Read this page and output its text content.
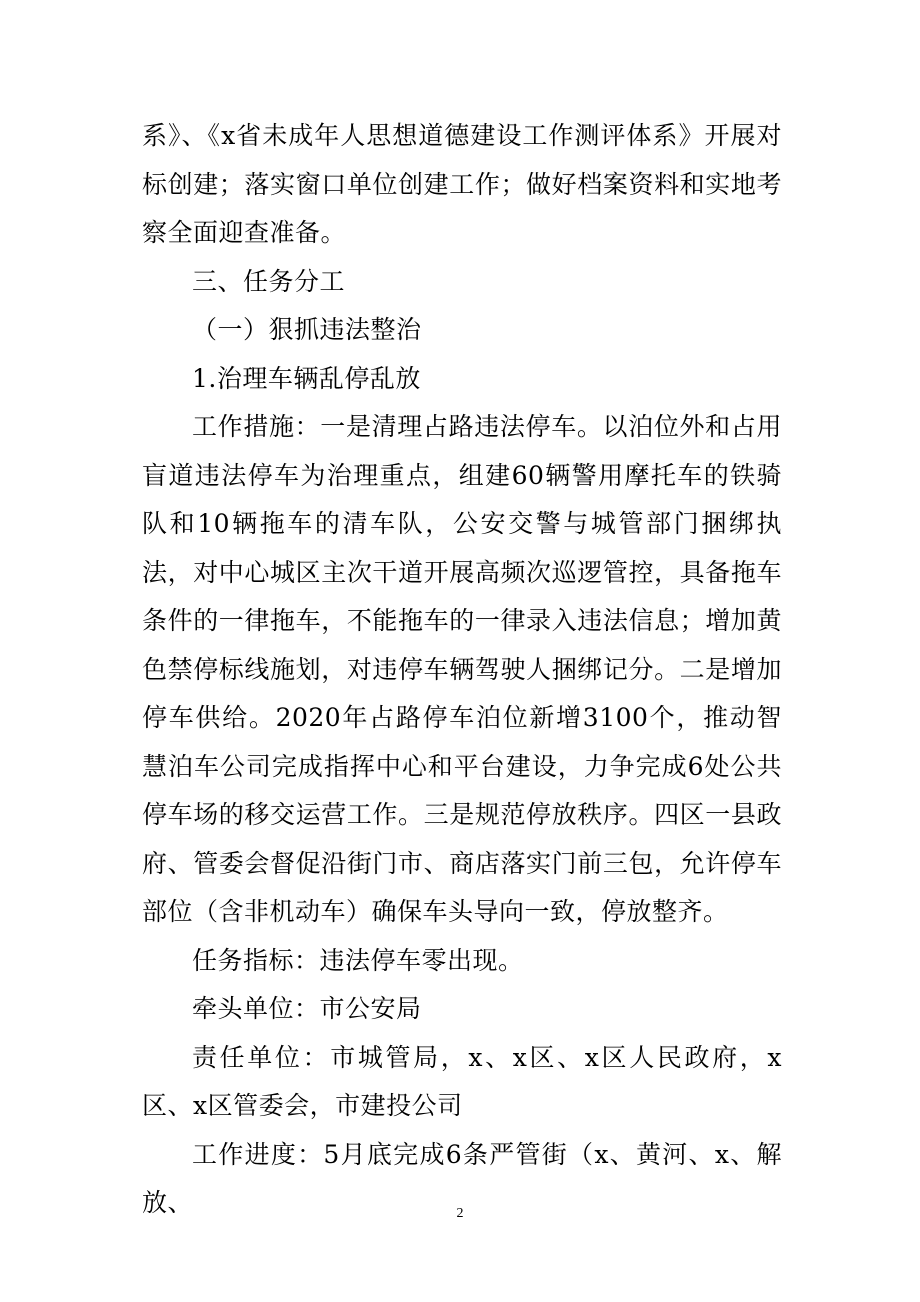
系》、《x省未成年人思想道德建设工作测评体系》开展对标创建；落实窗口单位创建工作；做好档案资料和实地考察全面迎查准备。

三、任务分工

（一）狠抓违法整治

1.治理车辆乱停乱放

工作措施：一是清理占路违法停车。以泊位外和占用盲道违法停车为治理重点，组建60辆警用摩托车的铁骑队和10辆拖车的清车队，公安交警与城管部门捆绑执法，对中心城区主次干道开展高频次巡逻管控，具备拖车条件的一律拖车，不能拖车的一律录入违法信息；增加黄色禁停标线施划，对违停车辆驾驶人捆绑记分。二是增加停车供给。2020年占路停车泊位新增3100个，推动智慧泊车公司完成指挥中心和平台建设，力争完成6处公共停车场的移交运营工作。三是规范停放秩序。四区一县政府、管委会督促沿街门市、商店落实门前三包，允许停车部位（含非机动车）确保车头导向一致，停放整齐。

任务指标：违法停车零出现。

牵头单位：市公安局

责任单位：市城管局，x、x区、x区人民政府，x区、x区管委会，市建投公司

工作进度：5月底完成6条严管街（x、黄河、x、解放、	2
